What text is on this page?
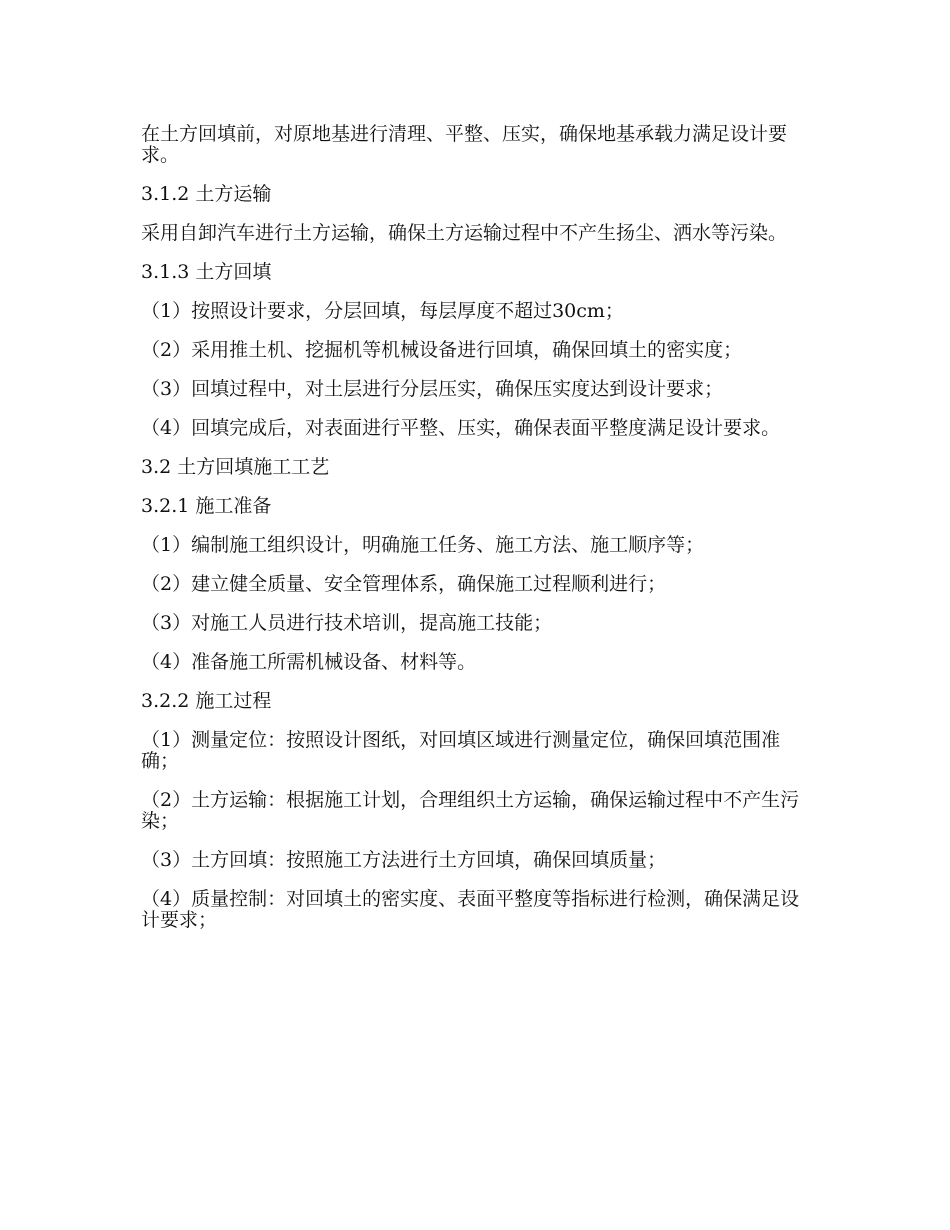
在土方回填前，对原地基进行清理、平整、压实，确保地基承载力满足设计要求。

3.1.2 土方运输

采用自卸汽车进行土方运输，确保土方运输过程中不产生扬尘、洒水等污染。

3.1.3 土方回填

（1）按照设计要求，分层回填，每层厚度不超过30cm；

（2）采用推土机、挖掘机等机械设备进行回填，确保回填土的密实度；

（3）回填过程中，对土层进行分层压实，确保压实度达到设计要求；

（4）回填完成后，对表面进行平整、压实，确保表面平整度满足设计要求。

3.2 土方回填施工工艺

3.2.1 施工准备

（1）编制施工组织设计，明确施工任务、施工方法、施工顺序等；

（2）建立健全质量、安全管理体系，确保施工过程顺利进行；

（3）对施工人员进行技术培训，提高施工技能；

（4）准备施工所需机械设备、材料等。

3.2.2 施工过程

（1）测量定位：按照设计图纸，对回填区域进行测量定位，确保回填范围准确；

（2）土方运输：根据施工计划，合理组织土方运输，确保运输过程中不产生污染；

（3）土方回填：按照施工方法进行土方回填，确保回填质量；

（4）质量控制：对回填土的密实度、表面平整度等指标进行检测，确保满足设计要求；
